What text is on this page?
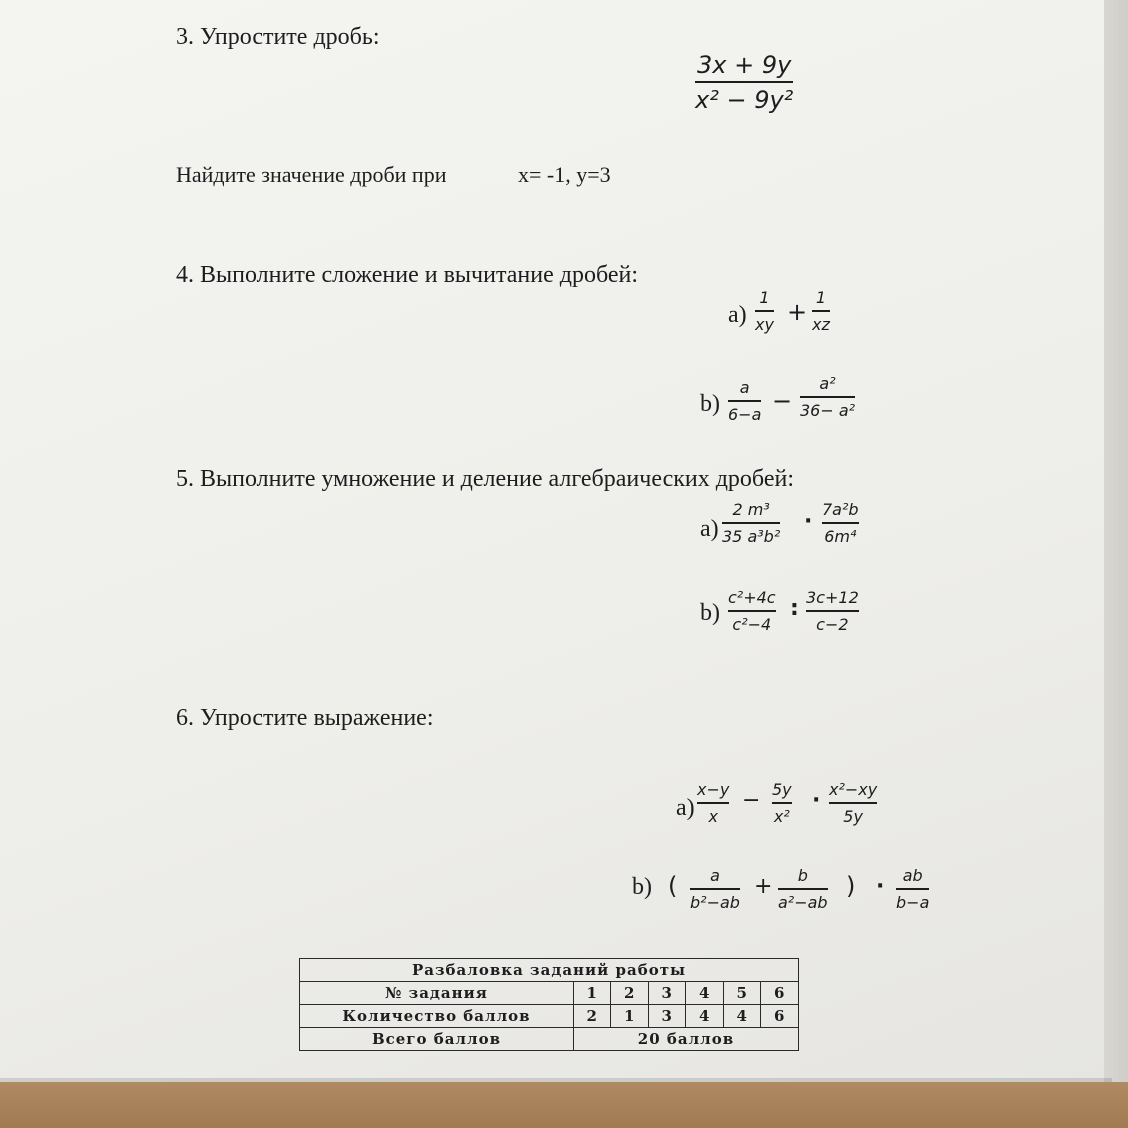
3. Упростите дробь:
3x + 9y
x² − 9y²
Найдите значение дроби при	x= -1, y=3
4. Выполните сложение и вычитание дробей:
a)
1
xy +
1
xz
b)
a
6−a −
a²
36− a²
5. Выполните умножение и деление алгебраических дробей:
a)
2 m³
35 a³b²
· 7a²b
6m⁴
b)
c²+4c
c²−4
: 3c+12
c−2
6. Упростите выражение:
a)
x−y
x
− 5y
x²
· x²−xy
5y
b) ( a
b²−ab
+ b
a²−ab
) · ab
b−a
Разбаловка заданий работы						
№ задания	1	2	3	4	5	6
Количество баллов	2	1	3	4	4	6
Всего баллов	20 баллов					
